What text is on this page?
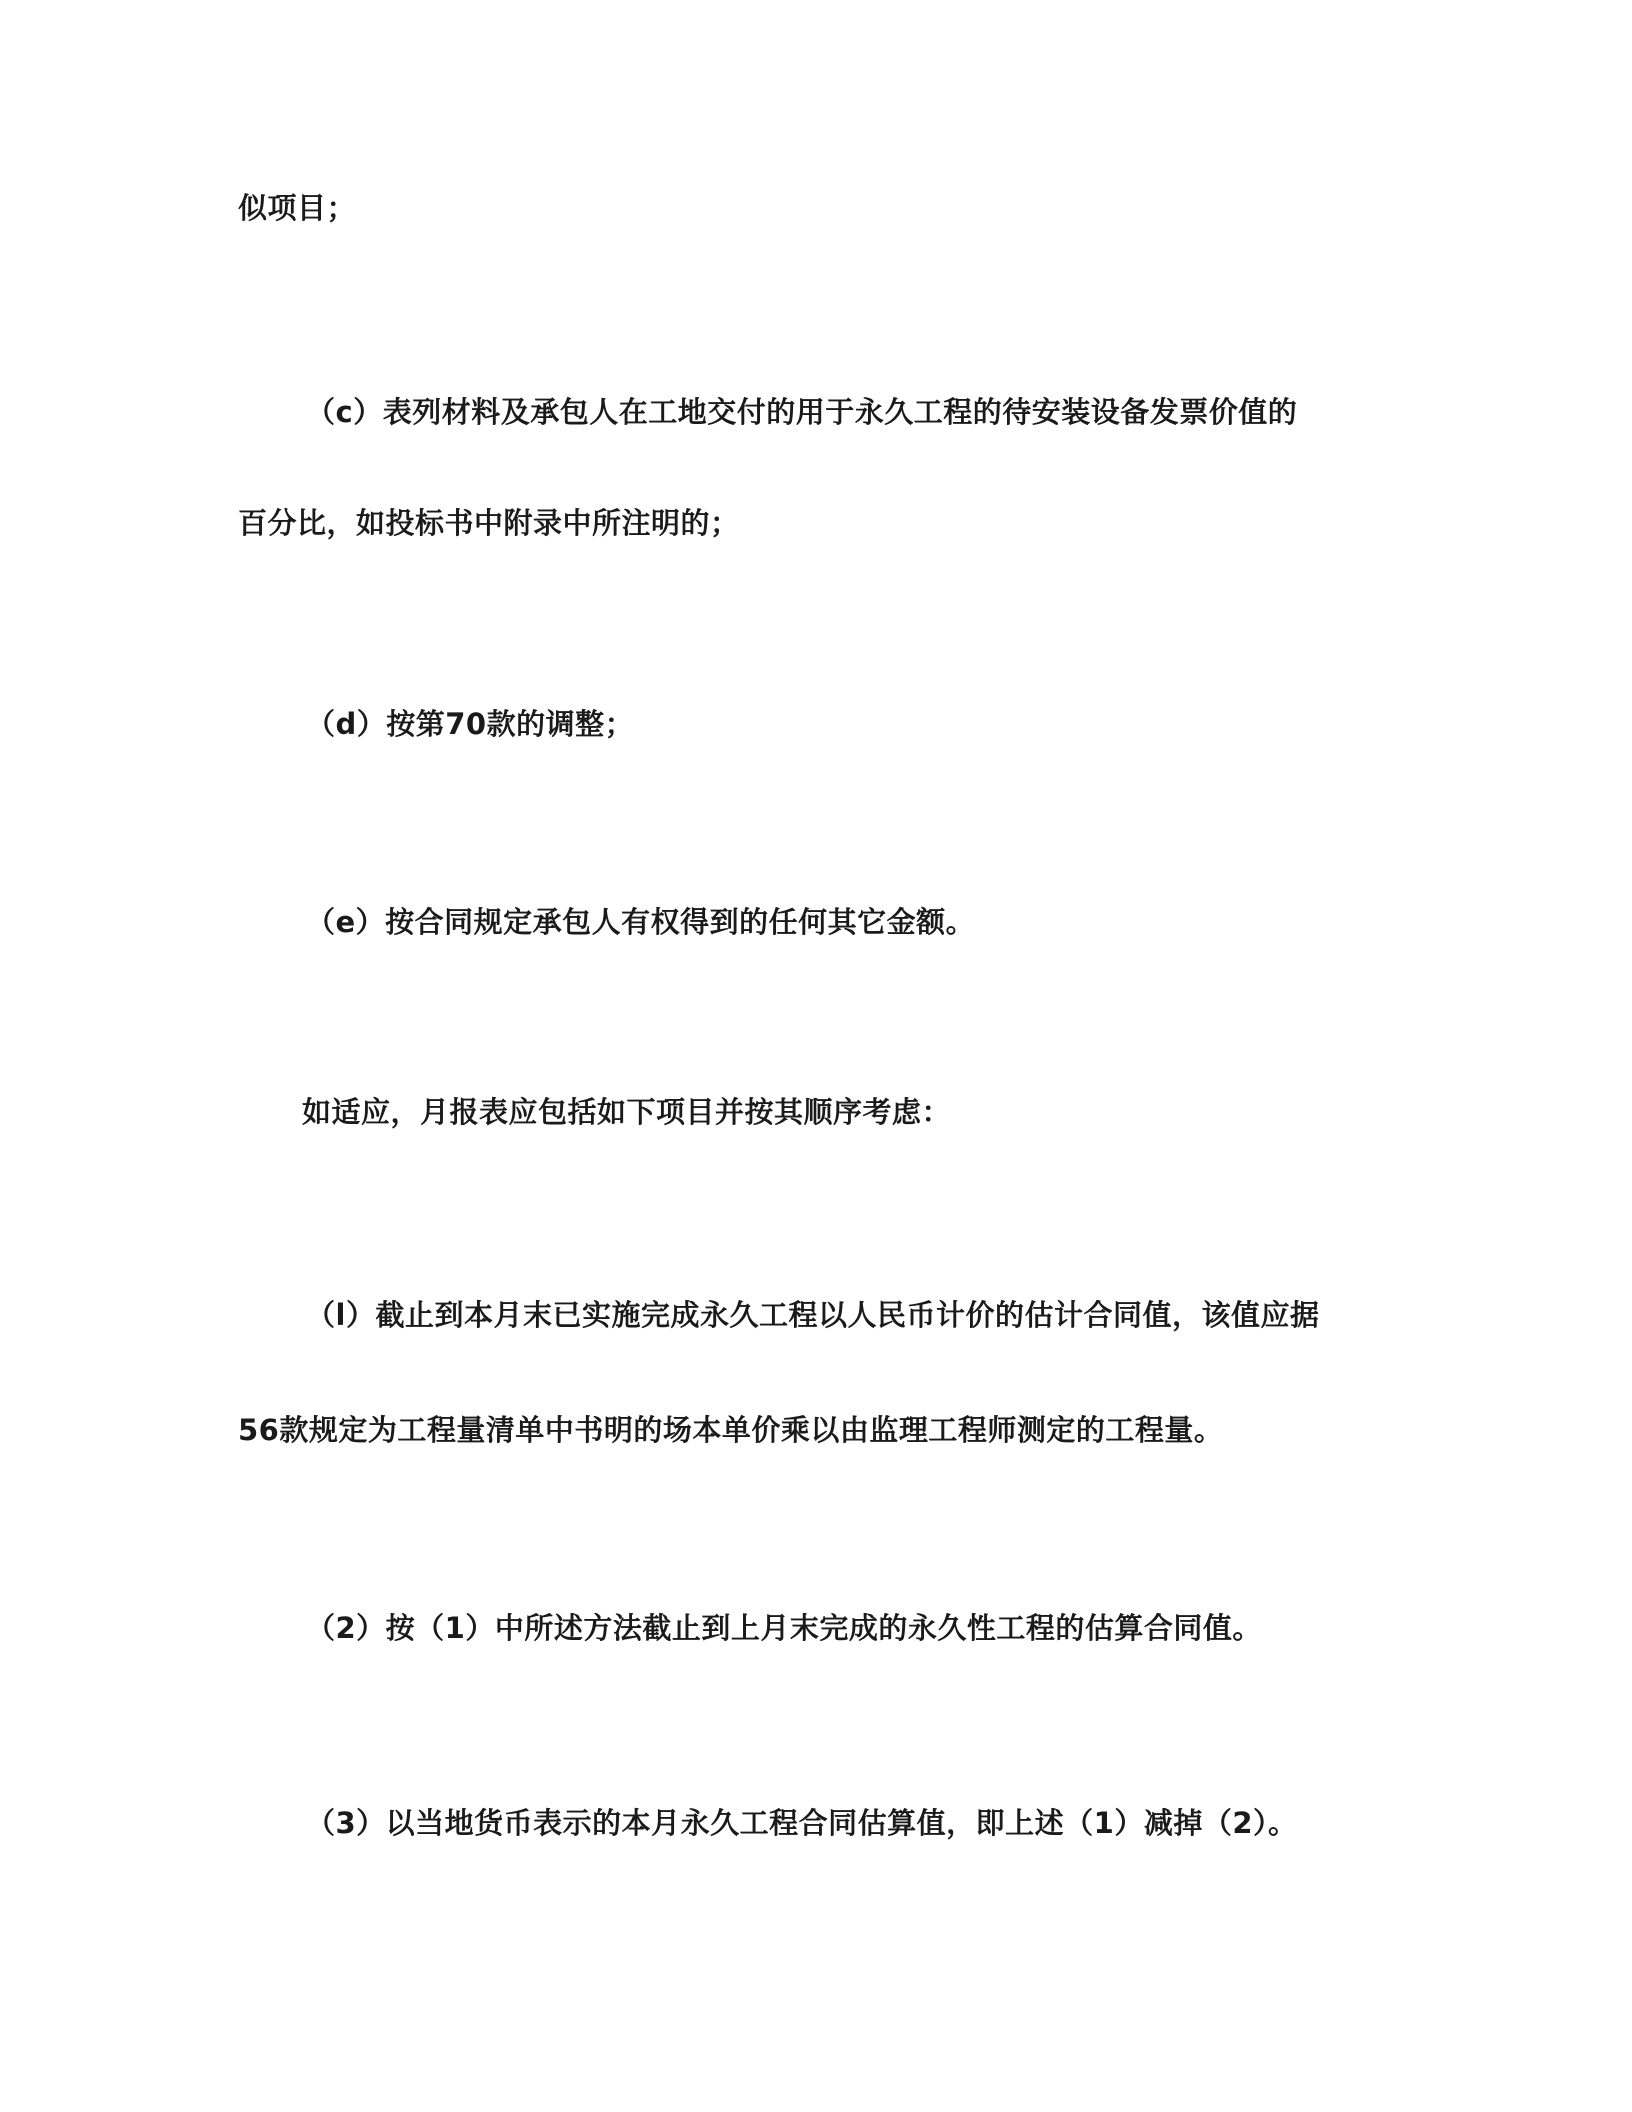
似项目；
（c）表列材料及承包人在工地交付的用于永久工程的待安装设备发票价值的
百分比，如投标书中附录中所注明的；
（d）按第70款的调整；
（e）按合同规定承包人有权得到的任何其它金额。
如适应，月报表应包括如下项目并按其顺序考虑：
（l）截止到本月末已实施完成永久工程以人民币计价的估计合同值，该值应据
56款规定为工程量清单中书明的场本单价乘以由监理工程师测定的工程量。
（2）按（1）中所述方法截止到上月末完成的永久性工程的估算合同值。
（3）以当地货币表示的本月永久工程合同估算值，即上述（1）减掉（2）。
